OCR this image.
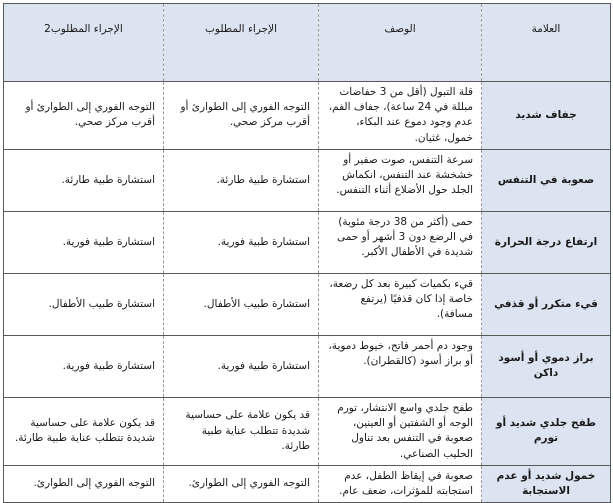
العلامة	الوصف	الإجراء المطلوب	الإجراء المطلوب2
جفاف شديد	قلة التبول (أقل من 3 حفاضات مبللة في 24 ساعة)، جفاف الفم، عدم وجود دموع عند البكاء، خمول، غثيان.	التوجه الفوري إلى الطوارئ أو أقرب مركز صحي.	التوجه الفوري إلى الطوارئ أو أقرب مركز صحي.
صعوبة في التنفس	سرعة التنفس، صوت صفير أو خشخشة عند التنفس، انكماش الجلد حول الأضلاع أثناء التنفس.	استشارة طبية طارئة.	استشارة طبية طارئة.
ارتفاع درجة الحرارة	حمى (أكثر من 38 درجة مئوية) في الرضع دون 3 أشهر أو حمى شديدة في الأطفال الأكبر.	استشارة طبية فورية.	استشارة طبية فورية.
قيء متكرر أو قذفي	قيء بكميات كبيرة بعد كل رضعة، خاصة إذا كان قذفيًا (يرتفع مسافة).	استشارة طبيب الأطفال.	استشارة طبيب الأطفال.
براز دموي أو أسود داكن	وجود دم أحمر فاتح، خيوط دموية، أو براز أسود (كالقطران).	استشارة طبية فورية.	استشارة طبية فورية.
طفح جلدي شديد أو تورم	طفح جلدي واسع الانتشار، تورم الوجه أو الشفتين أو العينين، صعوبة في التنفس بعد تناول الحليب الصناعي.	قد يكون علامة على حساسية شديدة تتطلب عناية طبية طارئة.	قد يكون علامة على حساسية شديدة تتطلب عناية طبية طارئة.
خمول شديد أو عدم الاستجابة	صعوبة في إيقاظ الطفل، عدم استجابته للمؤثرات، ضعف عام.	التوجه الفوري إلى الطوارئ.	التوجه الفوري إلى الطوارئ.
